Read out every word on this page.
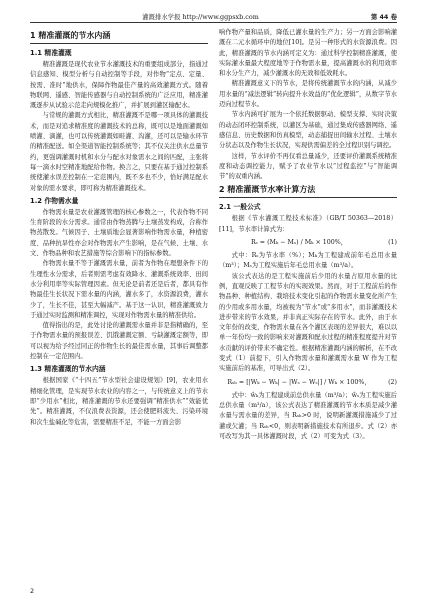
灌溉排水学报 http://www.ggpsxb.com	第 44 卷
1 精准灌溉的节水内涵
1.1 精准灌溉

精准灌溉是现代农业节水灌溉技术的重要组成部分，指通过信息感知、模型分析与自动控制等手段，对作物“定点、定量、按需、准时”地供水，保障作物最佳产量的高效灌溉方式。随着物联网、遥感、智能传感器与自动控制系统的广泛应用，精准灌溉逐步从试验示范走向规模化推广，并扩展到灌区输配水。

与常规的灌溉方式相比，精准灌溉不是哪一项具体的灌溉技术，而是对追求精准度的灌溉技术的总称，既可以是地面灌溉如喷灌、滴灌，也可以传统灌溉如畦灌、沟灌，还可以是输水环节的精准配送。如全渠道智能控制系统等；其不仅关注供水总量节约，更强调灌溉时机和水分与配水对象需水之间的匹配，主张将每一滴水时空精准地配给作物。换言之，只要在基于通过控制系统使灌水误差控制在一定范围内，既不多也不少，恰好满足配水对象的需水要求，即可称为精准灌溉技术。

1.2 作物需水量

作物需水量是农业灌溉管理的核心参数之一，代表作物不同生育阶段的水分需求。通常由作物蒸腾与土壤蒸发构成，合称作物蒸散发。气候因子、土壤质地会显著影响作物需水量，种植密度、品种抗旱性亦会对作物需水产生影响，是在气候、土壤、水文、作物品种和农艺措施等综合影响下的指标参数。

作物需水量不等于灌溉需水量，前者为作物在理想条件下的生理性水分需求，后者则需考虑有效降水、灌溉系统效率、田间水分利用率等实际管理因素。但无论是前者还是后者，都具有作物最佳生长状况下需水量的内涵，灌水多了，水资源浪费，灌水少了，生长不佳，甚至大幅减产。基于这一认识，精准灌溉致力于通过实时监测和精准调控，实现对作物需水量的精准供给。

值得指出的是，此处讨论的灌溉需水量并非是指精确的，至于作物需水量的预报误差、饥饿灌溉定额、亏缺灌溉定额等，即可以视为给予经过同正的作物生长的最佳需水量，其事后调整都控制在一定范围内。

1.3 精准灌溉的节水内涵

根据国家《“十四五”节水型社会建设规划》[9]，农业用水精细化管理，是实现节水农业的内容之一，与传统意义上的节水即“少用水”相比，精准灌溉的节水还要强调“精准供水”“效能优先”。精准灌溉，不仅浪费表资源，还会使肥料流失、污染环境和次生盐碱化等危害，需要精准不足，不能一方面会影

响作物产量和品质，降低已灌水量的生产力；另一方面会影响灌溉在二元水循环中的地位[10]。是另一种形式的水资源浪费。因此，精准灌溉的节水内涵可定义为：通过科学控制精准灌溉，使实际灌水量最大程度地等于作物需水量，提高灌溉水的利用效率和水分生产力，减少灌溉水的无效和低效耗水。

精准灌溉意义下的节水，是将传统灌溉节水的内涵，从减少用水量的“减法逻辑”转向提升水效益的“优化逻辑”，从数字节水迈向过程节水。

节水内涵可扩展为一个依托数据驱动、模型支撑、实时决策的动态闭环控制系统，以灌区为基础，通过集成传感器网络、遥感信息、历史数据和仿真模型，动态捕捉田间输水过程、土壤水分状态以及作物生长状况，实现供需偏差的全过程识别与调控。

这样，节水评价不再仅看总量减少，还要评价灌溉系统精准度和动态调控能力，赋予了农业节水以“过程监控”与“智能调节”的双重内涵。

2 精准灌溉节水率计算方法
2.1 一般公式

根据《节水灌溉工程技术标准》（GB/T 50363—2018）[11]，节水率计算式为：

Rₛ = (Mₖ − Mₛ) / Mₖ × 100%，	(1)

式中：Rₛ为节水率（%）；Mₖ为工程建成前年毛总用水量（m³）；Mₛ为工程实施后年毛总用水量（m³/a）。

该公式表达的是工程实施前后少用的水量占原用水量的比例，直观反映了工程节水的实现效果。然而，对于工程前后的作物品种、种植结构、栽培技术变化引起的作物需水量变化所产生的少用或多用水量，均被视为“节水”或“多用水”，而非灌溉技术进步带来的节水效果，并非真正实际存在的节水。此外，由于水文年份的改变，作物需水量在各个灌区表现的差异很大，难以以单一年份均一致的影响来对灌溉和配水过程的精准程度提升对节水贡献的评价带来不确定性。根据精准灌溉内涵的解析，在不改变式（1）前提下，引入作物需水量和灌溉需水量 W 作为工程实施前后的基准，可导出式（2）。

Rₛₕ = [|Wₖ − Wₖ| − |Wₛ − Wₛ|] / Wₖ × 100%，	(2)

式中：ŵₖ为工程建成前总供水量（m³/a）；ŵₛ为工程实施后总供水量（m³/a），该公式表达了精准灌溉的节水本质是减少灌水量与需水量的差异，当 Rₛₕ>0 时，说明新灌溉措施减少了过灌或欠灌；当 Rₛₕ<0，则表明新措施技术有所退步。式（2）亦可改写为其一具体灌溉时段，式（2）可变为式（3）。

2
